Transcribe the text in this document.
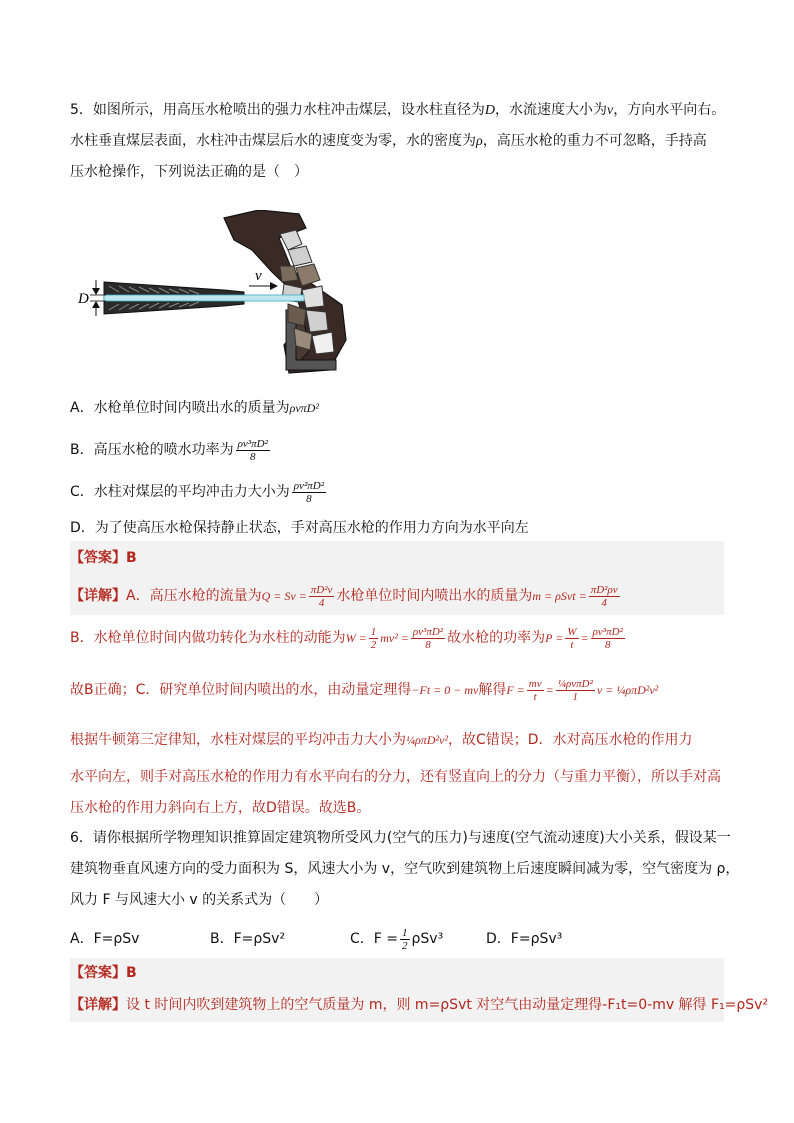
5．如图所示，用高压水枪喷出的强力水柱冲击煤层，设水柱直径为D，水流速度大小为v，方向水平向右。
水柱垂直煤层表面，水柱冲击煤层后水的速度变为零，水的密度为ρ，高压水枪的重力不可忽略，手持高
压水枪操作，下列说法正确的是（　）
D
v
A．水枪单位时间内喷出水的质量为ρvπD²
B．高压水枪的喷水功率为 $\frac{\text{ρv³πD²}}{8}$
C．水柱对煤层的平均冲击力大小为 $\frac{\text{ρv²πD²}}{8}$
D．为了使高压水枪保持静止状态，手对高压水枪的作用力方向为水平向左
【答案】B
【详解】A．高压水枪的流量为$Q = Sv = \frac{\text{πD²v}}{4}$ 水枪单位时间内喷出水的质量为$m = \rho Svt = \frac{\text{πD²ρv}}{4}$
B．水枪单位时间内做功转化为水柱的动能为$W = \frac{1}{2} mv^2 = \frac{\text{ρv³πD²}}{8}$ 故水枪的功率为$P = \frac{W}{t} = \frac{\text{ρv³πD²}}{8}$
故B正确；C．研究单位时间内喷出的水，由动量定理得−Ft = 0 − mv解得$F = \frac{mv}{t} = \frac{\text{¼ρvπD²}}{1}$ v = ¼ρπD²v²
根据牛顿第三定律知，水柱对煤层的平均冲击力大小为¼ρπD²v²，故C错误；D．水对高压水枪的作用力
水平向左，则手对高压水枪的作用力有水平向右的分力，还有竖直向上的分力（与重力平衡），所以手对高
压水枪的作用力斜向右上方，故D错误。故选B。
6．请你根据所学物理知识推算固定建筑物所受风力(空气的压力)与速度(空气流动速度)大小关系，假设某一
建筑物垂直风速方向的受力面积为 S，风速大小为 v，空气吹到建筑物上后速度瞬间减为零，空气密度为 ρ，
风力 F 与风速大小 v 的关系式为（　　）
A．F=ρSv	B．F=ρSv²	C．$F = \frac{1}{2} \rho Sv^3$	D．F=ρSv³
【答案】B
【详解】设 t 时间内吹到建筑物上的空气质量为 m，则 m=ρSvt 对空气由动量定理得-F₁t=0-mv 解得 F₁=ρSv²
